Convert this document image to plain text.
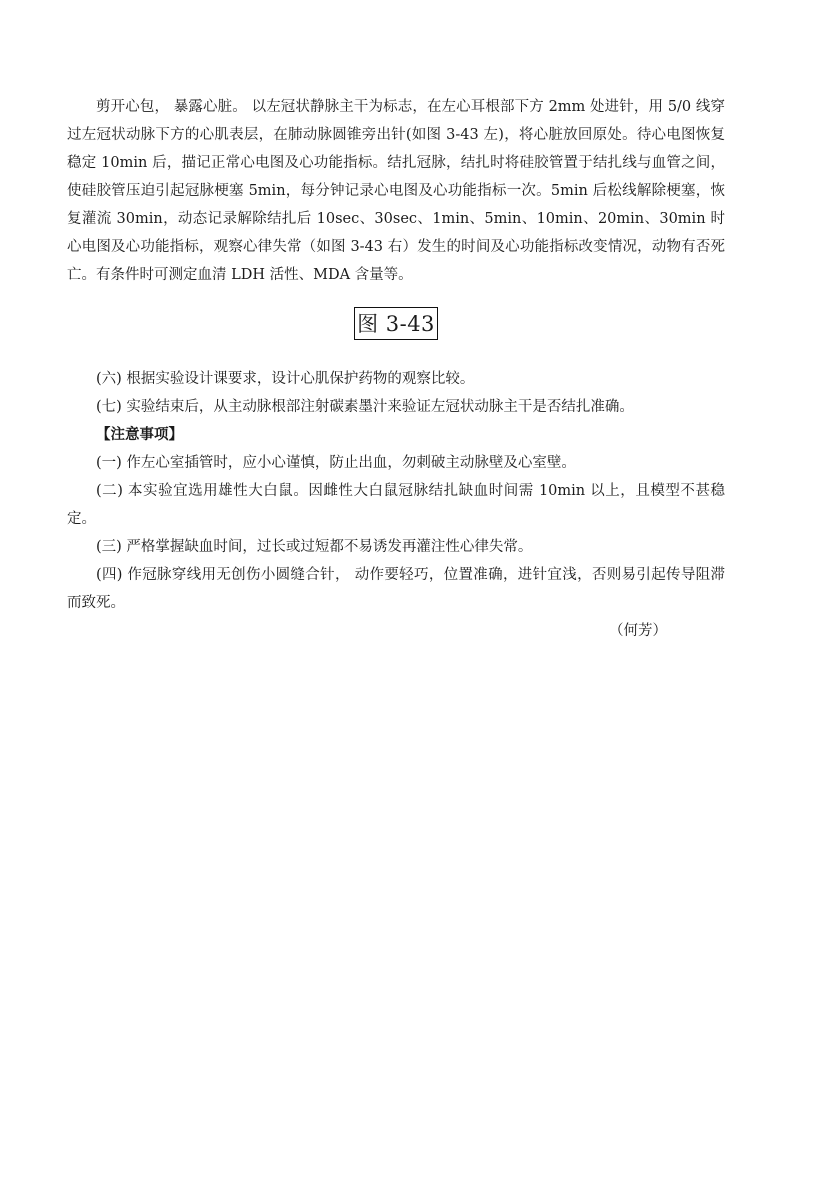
剪开心包， 暴露心脏。 以左冠状静脉主干为标志，在左心耳根部下方 2mm 处进针，用 5/0 线穿过左冠状动脉下方的心肌表层，在肺动脉圆锥旁出针(如图 3-43 左)，将心脏放回原处。待心电图恢复稳定 10min 后，描记正常心电图及心功能指标。结扎冠脉，结扎时将硅胶管置于结扎线与血管之间，使硅胶管压迫引起冠脉梗塞 5min，每分钟记录心电图及心功能指标一次。5min 后松线解除梗塞，恢复灌流 30min，动态记录解除结扎后 10sec、30sec、1min、5min、10min、20min、30min 时心电图及心功能指标，观察心律失常（如图 3-43 右）发生的时间及心功能指标改变情况，动物有否死亡。有条件时可测定血清 LDH 活性、MDA 含量等。

图 3-43

(六) 根据实验设计课要求，设计心肌保护药物的观察比较。

(七) 实验结束后，从主动脉根部注射碳素墨汁来验证左冠状动脉主干是否结扎准确。

【注意事项】

(一) 作左心室插管时，应小心谨慎，防止出血，勿刺破主动脉壁及心室壁。

(二) 本实验宜选用雄性大白鼠。因雌性大白鼠冠脉结扎缺血时间需 10min 以上，且模型不甚稳定。

(三) 严格掌握缺血时间，过长或过短都不易诱发再灌注性心律失常。

(四) 作冠脉穿线用无创伤小圆缝合针， 动作要轻巧，位置准确，进针宜浅，否则易引起传导阻滞而致死。

（何芳）
